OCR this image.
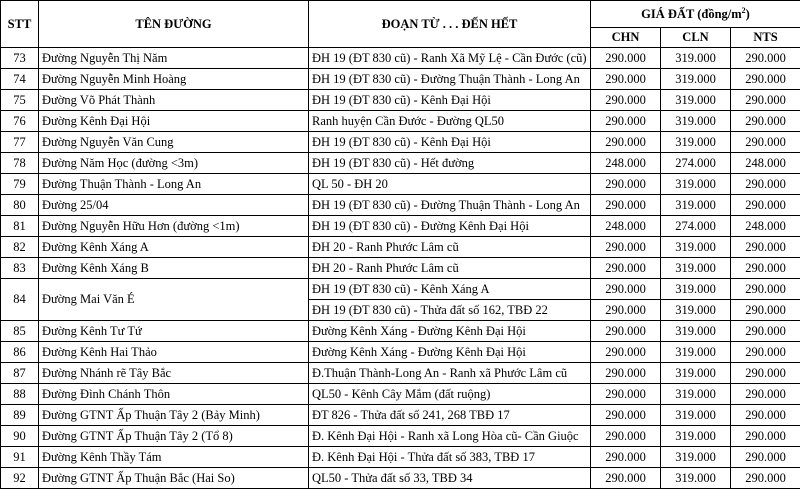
STT	TÊN ĐƯỜNG	ĐOẠN TỪ . . . ĐẾN HẾT	GIÁ ĐẤT $(đồng/m^2)$		
			CHN	CLN	NTS
73	Đường Nguyễn Thị Năm	ĐH 19 (ĐT 830 cũ) - Ranh Xã Mỹ Lệ - Cần Đước (cũ)	290.000	319.000	290.000
74	Đường Nguyễn Minh Hoàng	ĐH 19 (ĐT 830 cũ) - Đường Thuận Thành - Long An	290.000	319.000	290.000
75	Đường Võ Phát Thành	ĐH 19 (ĐT 830 cũ) - Kênh Đại Hội	290.000	319.000	290.000
76	Đường Kênh Đại Hội	Ranh huyện Cần Đước - Đường QL50	290.000	319.000	290.000
77	Đường Nguyễn Văn Cung	ĐH 19 (ĐT 830 cũ) - Kênh Đại Hội	290.000	319.000	290.000
78	Đường Năm Học (đường <3m)	ĐH 19 (ĐT 830 cũ) - Hết đường	248.000	274.000	248.000
79	Đường Thuận Thành - Long An	QL 50 - ĐH 20	290.000	319.000	290.000
80	Đường 25/04	ĐH 19 (ĐT 830 cũ) - Đường Thuận Thành - Long An	290.000	319.000	290.000
81	Đường Nguyễn Hữu Hơn (đường <1m)	ĐH 19 (ĐT 830 cũ) - Đường Kênh Đại Hội	248.000	274.000	248.000
82	Đường Kênh Xáng A	ĐH 20 - Ranh Phước Lâm cũ	290.000	319.000	290.000
83	Đường Kênh Xáng B	ĐH 20 - Ranh Phước Lâm cũ	290.000	319.000	290.000
84	Đường Mai Văn É	ĐH 19 (ĐT 830 cũ) - Kênh Xáng A	290.000	319.000	290.000
		ĐH 19 (ĐT 830 cũ) - Thửa đất số 162, TBĐ 22	290.000	319.000	290.000
85	Đường Kênh Tư Tứ	Đường Kênh Xáng - Đường Kênh Đại Hội	290.000	319.000	290.000
86	Đường Kênh Hai Thảo	Đường Kênh Xáng - Đường Kênh Đại Hội	290.000	319.000	290.000
87	Đường Nhánh rẽ Tây Bắc	Đ.Thuận Thành-Long An - Ranh xã Phước Lâm cũ	290.000	319.000	290.000
88	Đường Đình Chánh Thôn	QL50 - Kênh Cây Mắm (đất ruộng)	290.000	319.000	290.000
89	Đường GTNT Ấp Thuận Tây 2 (Bảy Minh)	ĐT 826 - Thửa đất số 241, 268 TBĐ 17	290.000	319.000	290.000
90	Đường GTNT Ấp Thuận Tây 2 (Tổ 8)	Đ. Kênh Đại Hội - Ranh xã Long Hòa cũ- Cần Giuộc	290.000	319.000	290.000
91	Đường Kênh Thầy Tám	Đ. Kênh Đại Hội - Thửa đất số 383, TBĐ 17	290.000	319.000	290.000
92	Đường GTNT Ấp Thuận Bắc (Hai So)	QL50 - Thửa đất số 33, TBĐ 34	290.000	319.000	290.000
